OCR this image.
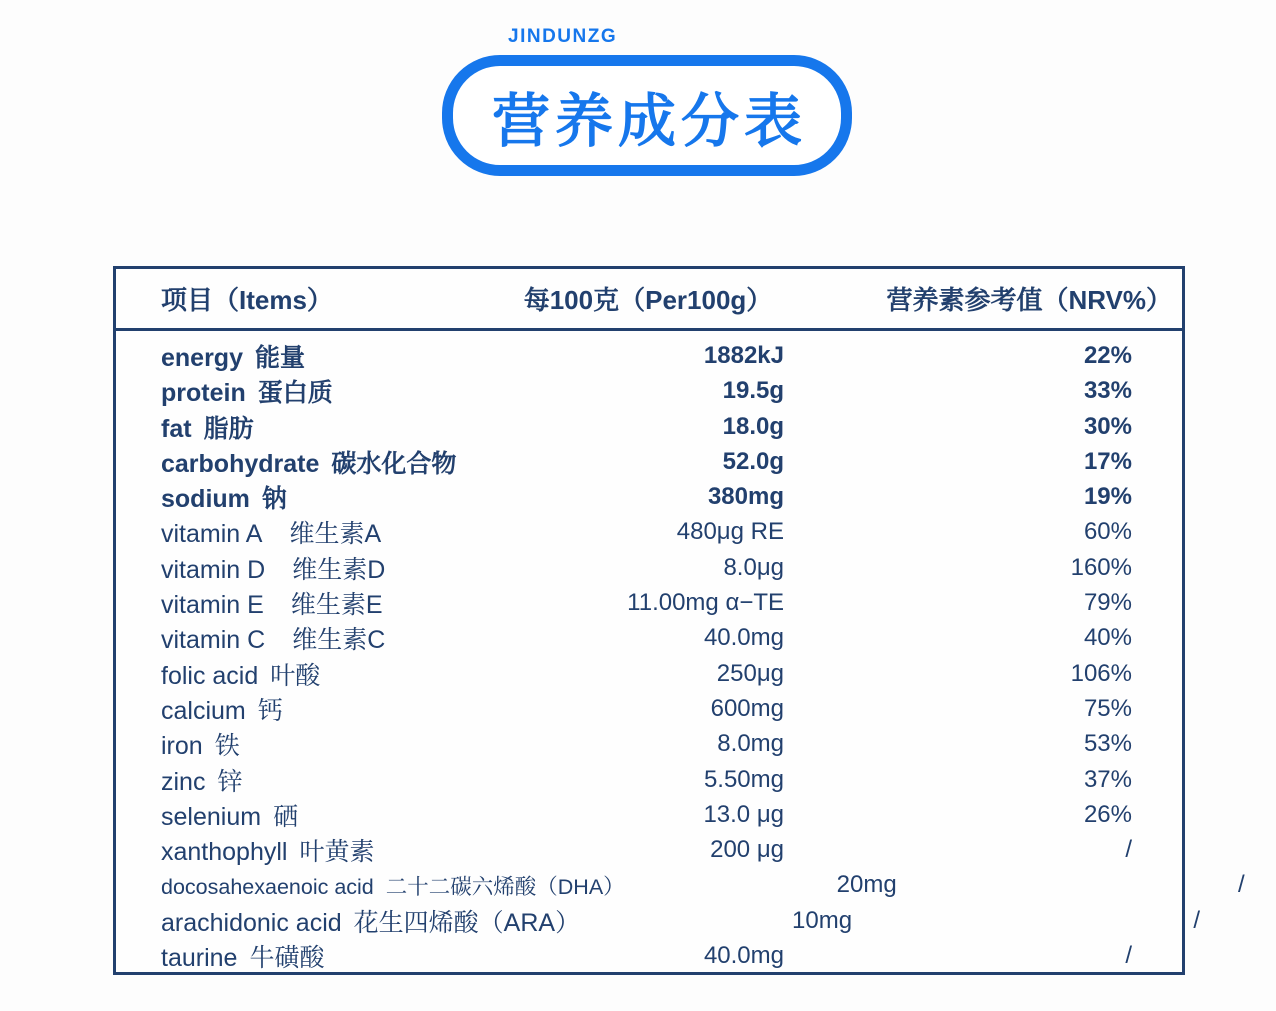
JINDUNZG
营养成分表
项目（Items）	每100克（Per100g）	营养素参考值（NRV%）
energy 能量	1882kJ	22%
protein 蛋白质	19.5g	33%
fat 脂肪	18.0g	30%
carbohydrate 碳水化合物	52.0g	17%
sodium 钠	380mg	19%
vitamin A 维生素A	480μg RE	60%
vitamin D 维生素D	8.0μg	160%
vitamin E 维生素E	11.00mg α−TE	79%
vitamin C 维生素C	40.0mg	40%
folic acid 叶酸	250μg	106%
calcium 钙	600mg	75%
iron 铁	8.0mg	53%
zinc 锌	5.50mg	37%
selenium 硒	13.0 μg	26%
xanthophyll 叶黄素	200 μg	/
docosahexaenoic acid 二十二碳六烯酸（DHA）	20mg	/
arachidonic acid 花生四烯酸（ARA）	10mg	/
taurine 牛磺酸	40.0mg	/
